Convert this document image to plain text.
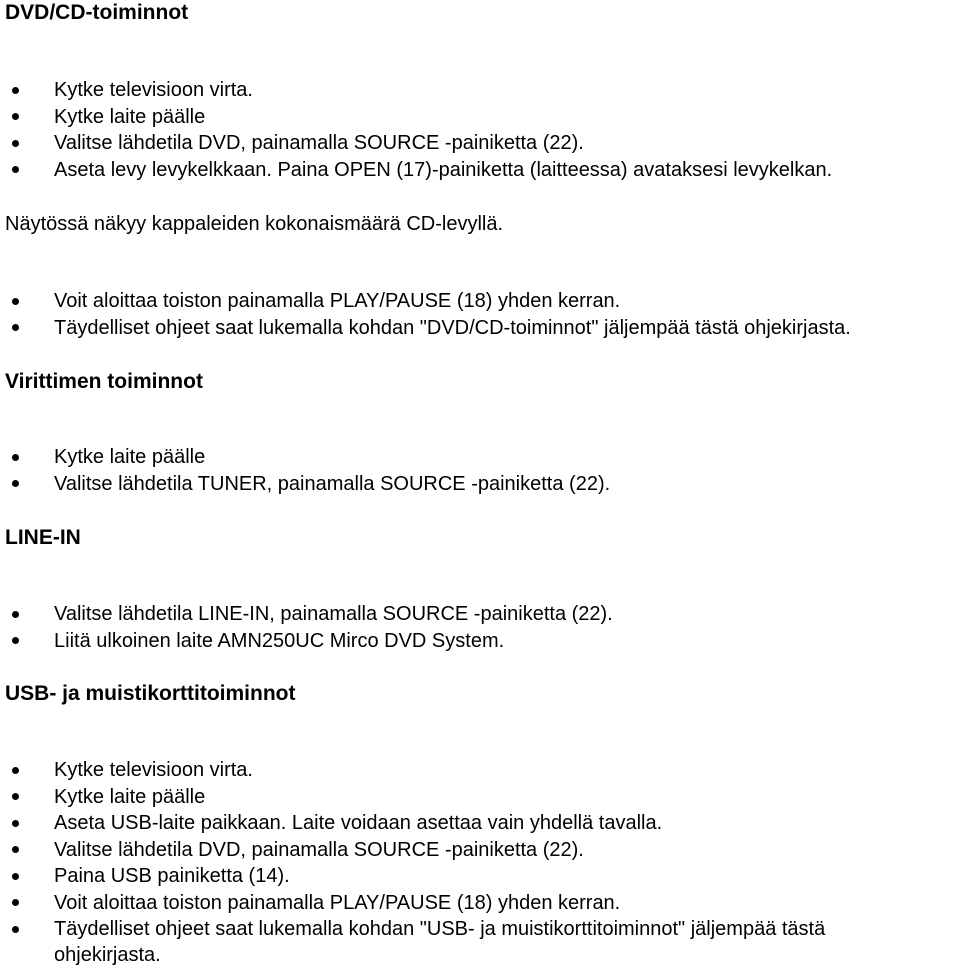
DVD/CD-toiminnot
Kytke televisioon virta.
Kytke laite päälle
Valitse lähdetila DVD, painamalla SOURCE -painiketta (22).
Aseta levy levykelkkaan. Paina OPEN (17)-painiketta (laitteessa) avataksesi levykelkan.

Näytössä näkyy kappaleiden kokonaismäärä CD-levyllä.

Voit aloittaa toiston painamalla PLAY/PAUSE (18) yhden kerran.
Täydelliset ohjeet saat lukemalla kohdan "DVD/CD-toiminnot" jäljempää tästä ohjekirjasta.
Virittimen toiminnot
Kytke laite päälle
Valitse lähdetila TUNER, painamalla SOURCE -painiketta (22).
LINE-IN
Valitse lähdetila LINE-IN, painamalla SOURCE -painiketta (22).
Liitä ulkoinen laite AMN250UC Mirco DVD System.
USB- ja muistikorttitoiminnot
Kytke televisioon virta.
Kytke laite päälle
Aseta USB-laite paikkaan. Laite voidaan asettaa vain yhdellä tavalla.
Valitse lähdetila DVD, painamalla SOURCE -painiketta (22).
Paina USB painiketta (14).
Voit aloittaa toiston painamalla PLAY/PAUSE (18) yhden kerran.
Täydelliset ohjeet saat lukemalla kohdan "USB- ja muistikorttitoiminnot" jäljempää tästä ohjekirjasta.
